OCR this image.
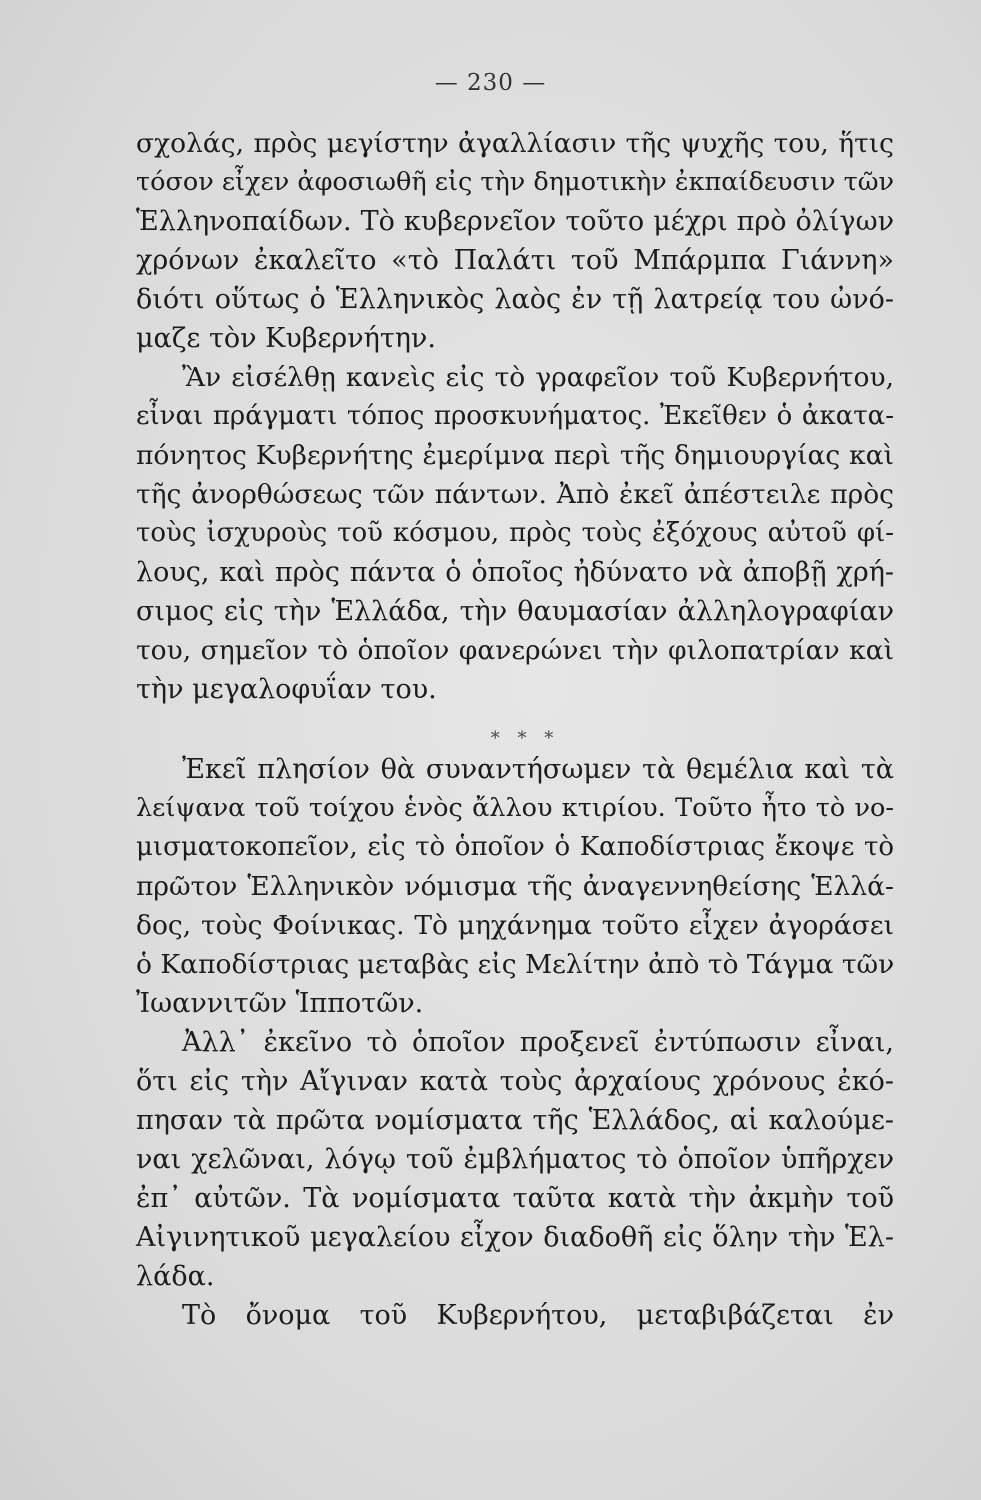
— 230 —
σχολάς, πρὸς μεγίστην ἀγαλλίασιν τῆς ψυχῆς του, ἥτις
τόσον εἶχεν ἀφοσιωθῆ εἰς τὴν δημοτικὴν ἐκπαίδευσιν τῶν
Ἑλληνοπαίδων. Τὸ κυβερνεῖον τοῦτο μέχρι πρὸ ὀλίγων
χρόνων ἐκαλεῖτο «τὸ Παλάτι τοῦ Μπάρμπα Γιάννη»
διότι οὕτως ὁ Ἑλληνικὸς λαὸς ἐν τῇ λατρείᾳ του ὠνό-
μαζε τὸν Κυβερνήτην.
Ἂν εἰσέλθῃ κανεὶς εἰς τὸ γραφεῖον τοῦ Κυβερνήτου,
εἶναι πράγματι τόπος προσκυνήματος. Ἐκεῖθεν ὁ ἀκατα-
πόνητος Κυβερνήτης ἐμερίμνα περὶ τῆς δημιουργίας καὶ
τῆς ἀνορθώσεως τῶν πάντων. Ἀπὸ ἐκεῖ ἀπέστειλε πρὸς
τοὺς ἰσχυροὺς τοῦ κόσμου, πρὸς τοὺς ἐξόχους αὐτοῦ φί-
λους, καὶ πρὸς πάντα ὁ ὁποῖος ἠδύνατο νὰ ἀποβῇ χρή-
σιμος εἰς τὴν Ἑλλάδα, τὴν θαυμασίαν ἀλληλογραφίαν
του, σημεῖον τὸ ὁποῖον φανερώνει τὴν φιλοπατρίαν καὶ
τὴν μεγαλοφυΐαν του.
* * *
Ἐκεῖ πλησίον θὰ συναντήσωμεν τὰ θεμέλια καὶ τὰ
λείψανα τοῦ τοίχου ἑνὸς ἄλλου κτιρίου. Τοῦτο ἦτο τὸ νο-
μισματοκοπεῖον, εἰς τὸ ὁποῖον ὁ Καποδίστριας ἔκοψε τὸ
πρῶτον Ἑλληνικὸν νόμισμα τῆς ἀναγεννηθείσης Ἑλλά-
δος, τοὺς Φοίνικας. Τὸ μηχάνημα τοῦτο εἶχεν ἀγοράσει
ὁ Καποδίστριας μεταβὰς εἰς Μελίτην ἀπὸ τὸ Τάγμα τῶν
Ἰωαννιτῶν Ἱπποτῶν.
Ἀλλ᾽ ἐκεῖνο τὸ ὁποῖον προξενεῖ ἐντύπωσιν εἶναι,
ὅτι εἰς τὴν Αἴγιναν κατὰ τοὺς ἀρχαίους χρόνους ἐκό-
πησαν τὰ πρῶτα νομίσματα τῆς Ἑλλάδος, αἱ καλούμε-
ναι χελῶναι, λόγῳ τοῦ ἐμβλήματος τὸ ὁποῖον ὑπῆρχεν
ἐπ᾽ αὐτῶν. Τὰ νομίσματα ταῦτα κατὰ τὴν ἀκμὴν τοῦ
Αἰγινητικοῦ μεγαλείου εἶχον διαδοθῆ εἰς ὅλην τὴν Ἑλ-
λάδα.
Τὸ ὄνομα τοῦ Κυβερνήτου, μεταβιβάζεται ἐν
